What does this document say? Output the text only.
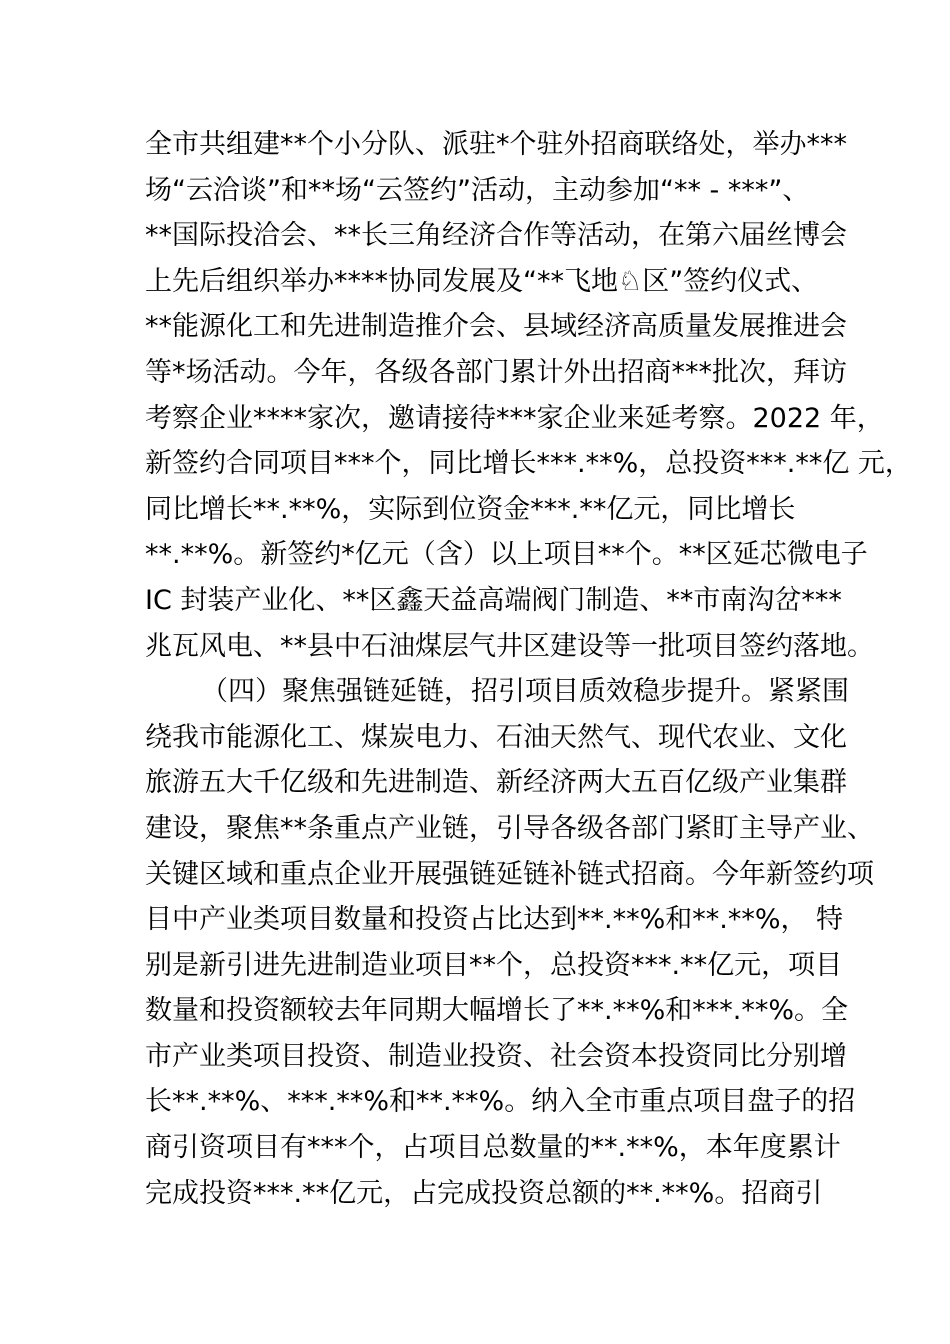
全市共组建**个小分队、派驻*个驻外招商联络处，举办***
场“云洽谈”和**场“云签约”活动，主动参加“** - ***”、
**国际投洽会、**长三角经济合作等活动，在第六届丝博会
上先后组织举办****协同发展及“**飞地♘区”签约仪式、
**能源化工和先进制造推介会、县域经济高质量发展推进会
等*场活动。今年，各级各部门累计外出招商***批次，拜访
考察企业****家次，邀请接待***家企业来延考察。2022 年，
新签约合同项目***个，同比增长***.**%，总投资***.**亿 元，
同比增长**.**%，实际到位资金***.**亿元，同比增长
**.**%。新签约*亿元（含）以上项目**个。**区延芯微电子
IC 封装产业化、**区鑫天益高端阀门制造、**市南沟岔***
兆瓦风电、**县中石油煤层气井区建设等一批项目签约落地。
（四）聚焦强链延链，招引项目质效稳步提升。紧紧围
绕我市能源化工、煤炭电力、石油天然气、现代农业、文化
旅游五大千亿级和先进制造、新经济两大五百亿级产业集群
建设，聚焦**条重点产业链，引导各级各部门紧盯主导产业、
关键区域和重点企业开展强链延链补链式招商。今年新签约项
目中产业类项目数量和投资占比达到**.**%和**.**%， 特
别是新引进先进制造业项目**个，总投资***.**亿元，项目
数量和投资额较去年同期大幅增长了**.**%和***.**%。全
市产业类项目投资、制造业投资、社会资本投资同比分别增
长**.**%、***.**%和**.**%。纳入全市重点项目盘子的招
商引资项目有***个，占项目总数量的**.**%，本年度累计
完成投资***.**亿元，占完成投资总额的**.**%。招商引
